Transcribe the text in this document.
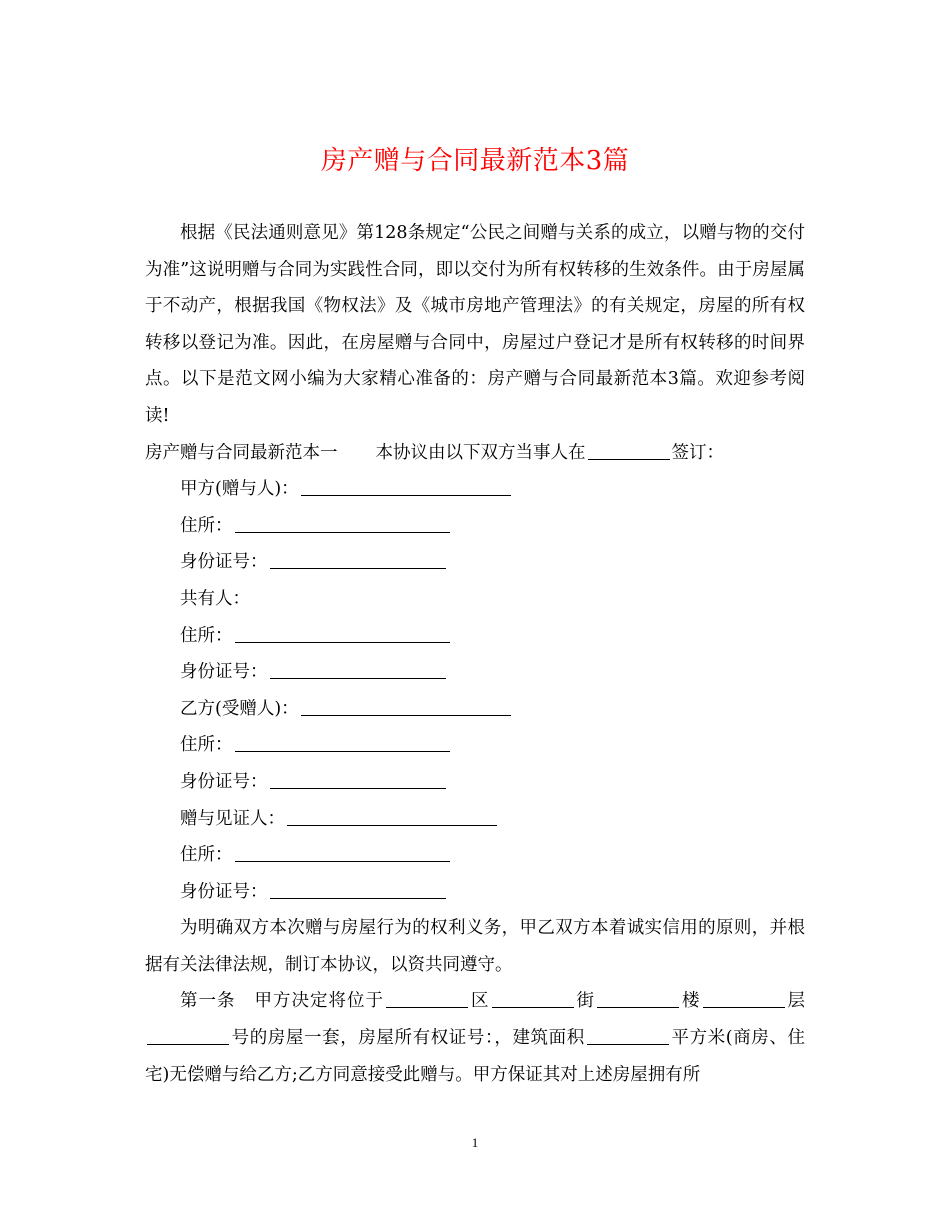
房产赠与合同最新范本3篇

根据《民法通则意见》第128条规定“公民之间赠与关系的成立，以赠与物的交付为准”这说明赠与合同为实践性合同，即以交付为所有权转移的生效条件。由于房屋属于不动产，根据我国《物权法》及《城市房地产管理法》的有关规定，房屋的所有权转移以登记为准。因此，在房屋赠与合同中，房屋过户登记才是所有权转移的时间界点。以下是范文网小编为大家精心准备的：房产赠与合同最新范本3篇。欢迎参考阅读!

房产赠与合同最新范本一 本协议由以下双方当事人在	签订：

甲方(赠与人)：

住所：

身份证号：

共有人：

住所：

身份证号：

乙方(受赠人)：

住所：

身份证号：

赠与见证人：

住所：

身份证号：

为明确双方本次赠与房屋行为的权利义务，甲乙双方本着诚实信用的原则，并根据有关法律法规，制订本协议，以资共同遵守。

第一条 甲方决定将位于	区	街	楼	层号的房屋一套，房屋所有权证号：，建筑面积	平方米(商房、住宅)无偿赠与给乙方;乙方同意接受此赠与。甲方保证其对上述房屋拥有所

1
